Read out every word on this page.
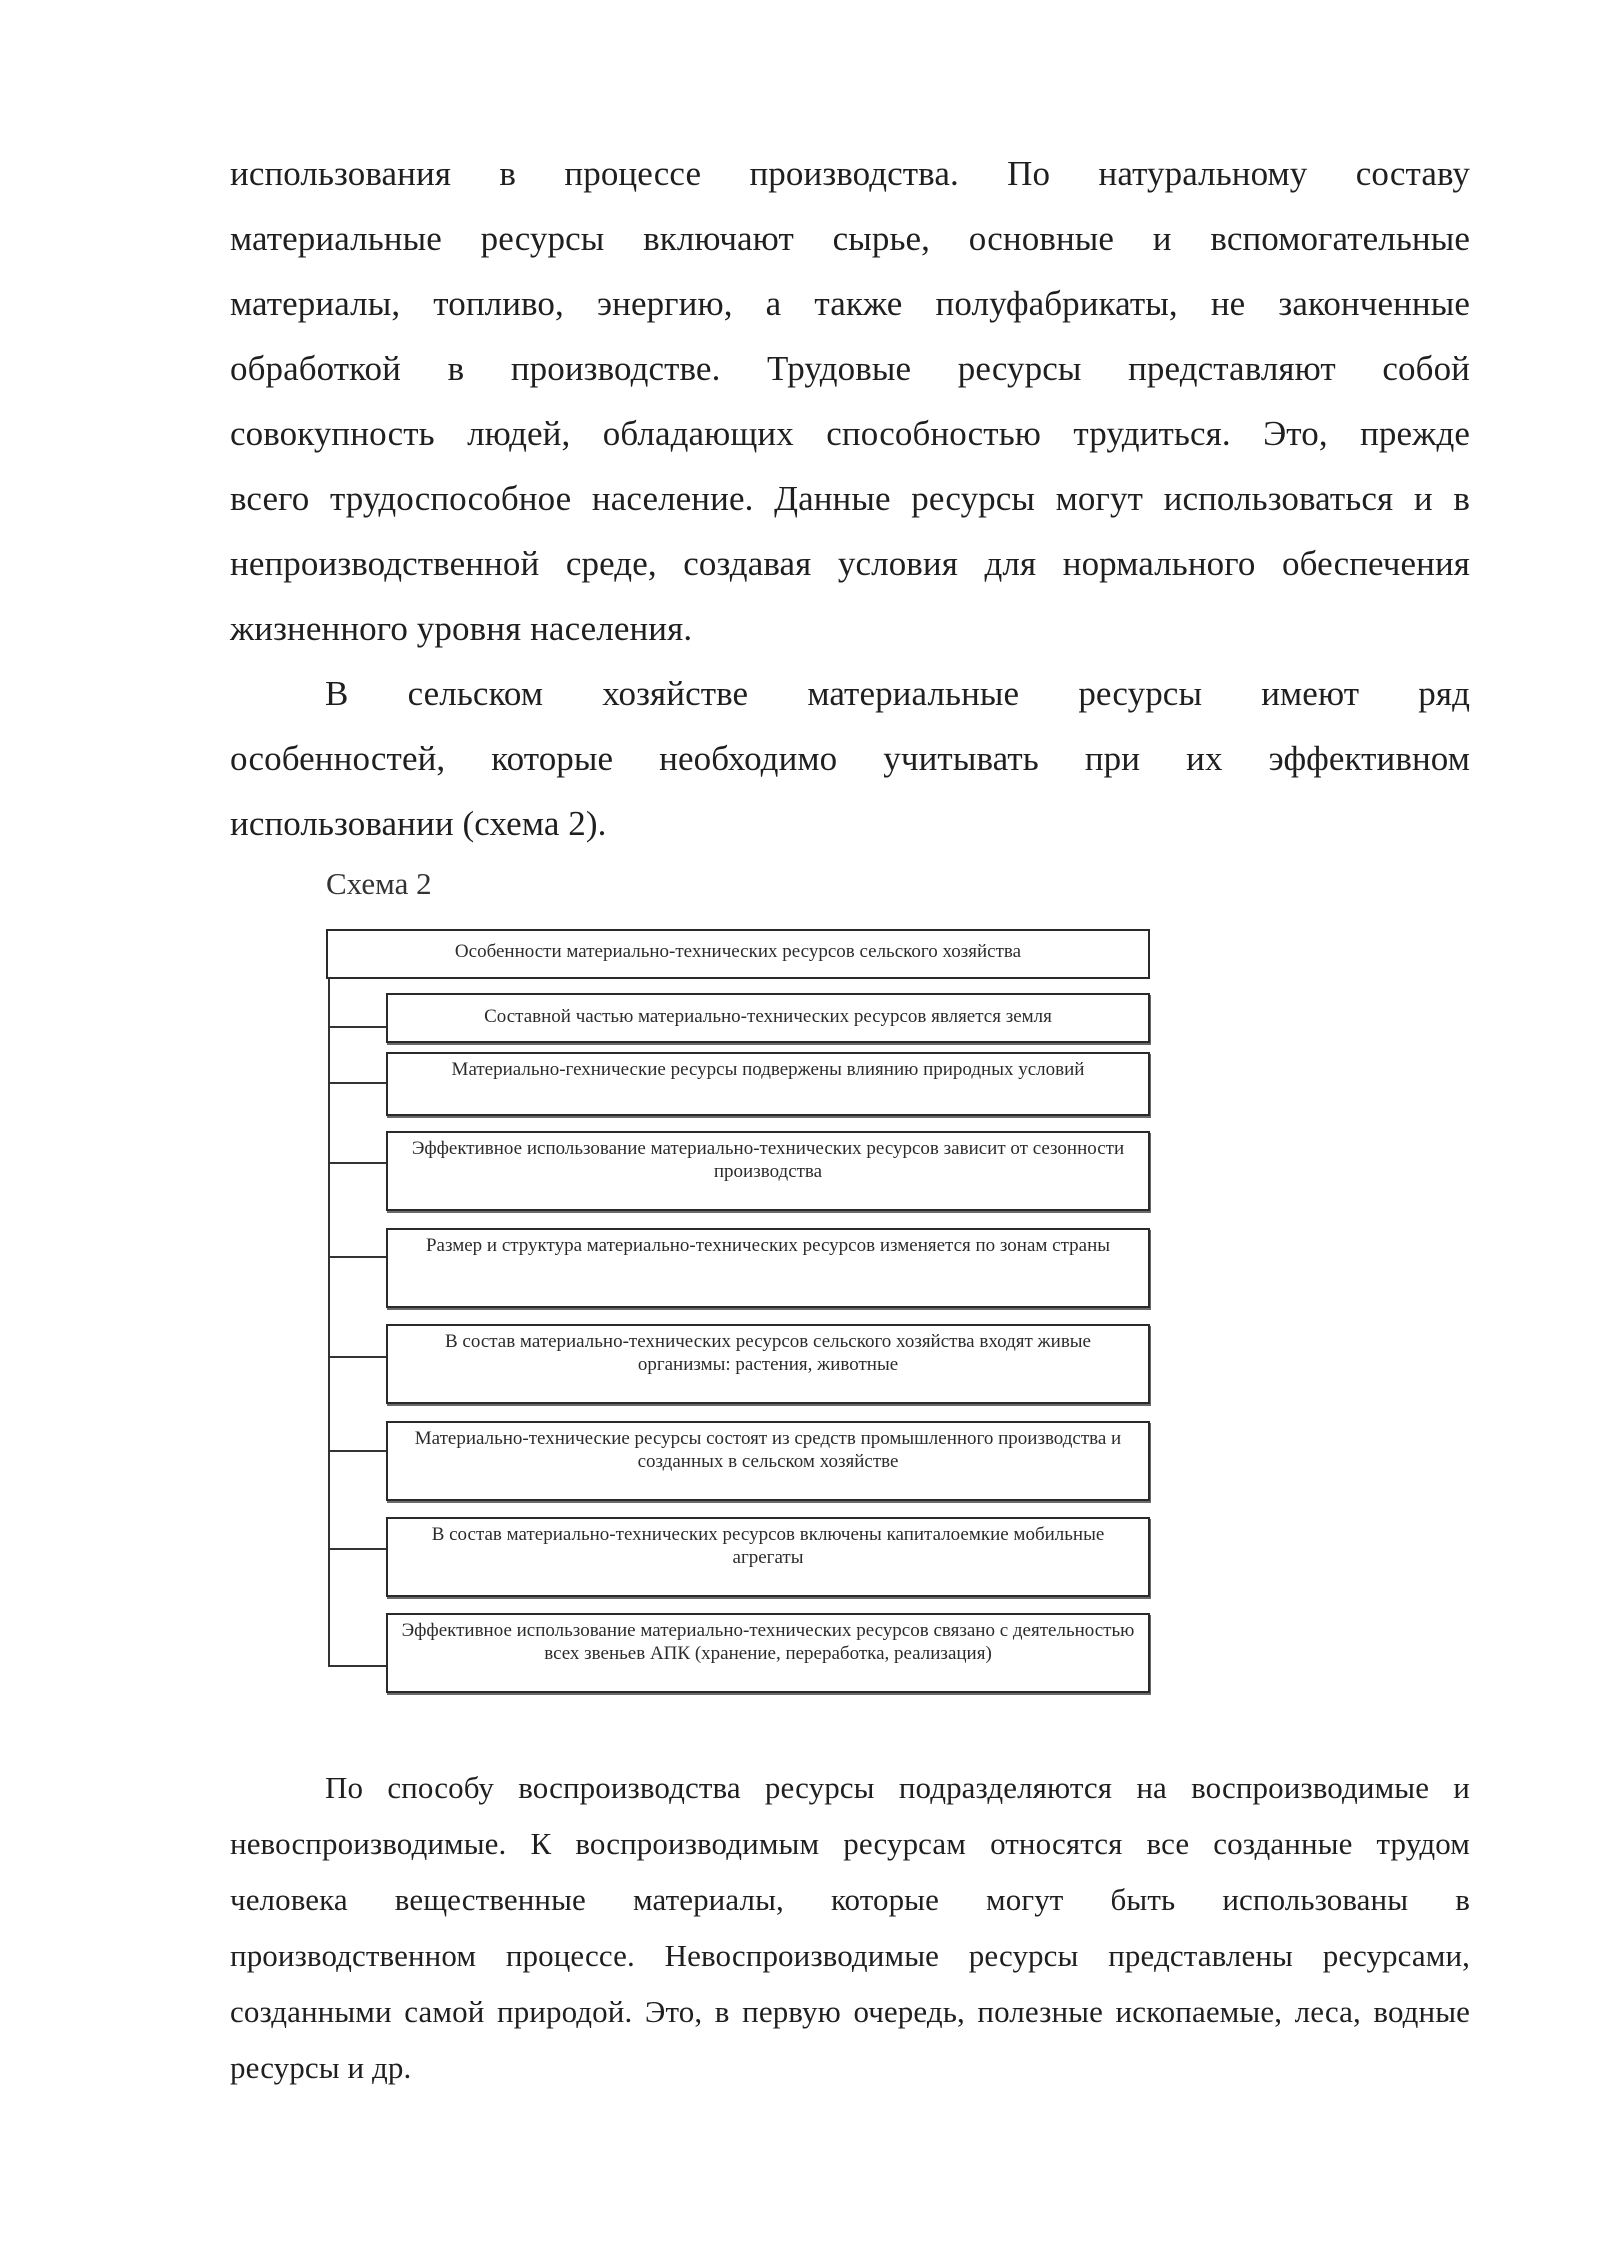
использования в процессе производства. По натуральному составу
материальные ресурсы включают сырье, основные и вспомогательные
материалы, топливо, энергию, а также полуфабрикаты, не законченные
обработкой в производстве. Трудовые ресурсы представляют собой
совокупность людей, обладающих способностью трудиться. Это, прежде
всего трудоспособное население. Данные ресурсы могут использоваться и в
непроизводственной среде, создавая условия для нормального обеспечения
жизненного уровня населения.
В сельском хозяйстве материальные ресурсы имеют ряд
особенностей, которые необходимо учитывать при их эффективном
использовании (схема 2).
Схема 2
Особенности материально-технических ресурсов сельского хозяйства
Составной частью материально-технических ресурсов является земля
Материально-гехнические ресурсы подвержены влиянию природных условий
Эффективное использование материально-технических ресурсов зависит от сезонности производства
Размер и структура материально-технических ресурсов изменяется по зонам страны
В состав материально-технических ресурсов сельского хозяйства входят живые организмы: растения, животные
Материально-технические ресурсы состоят из средств промышленного производства и созданных в сельском хозяйстве
В состав материально-технических ресурсов включены капиталоемкие мобильные агрегаты
Эффективное использование материально-технических ресурсов связано с деятельностью всех звеньев АПК (хранение, переработка, реализация)
По способу воспроизводства ресурсы подразделяются на воспроизводимые и
невоспроизводимые. К воспроизводимым ресурсам относятся все созданные трудом
человека вещественные материалы, которые могут быть использованы в
производственном процессе. Невоспроизводимые ресурсы представлены ресурсами,
созданными самой природой. Это, в первую очередь, полезные ископаемые, леса, водные
ресурсы и др.
